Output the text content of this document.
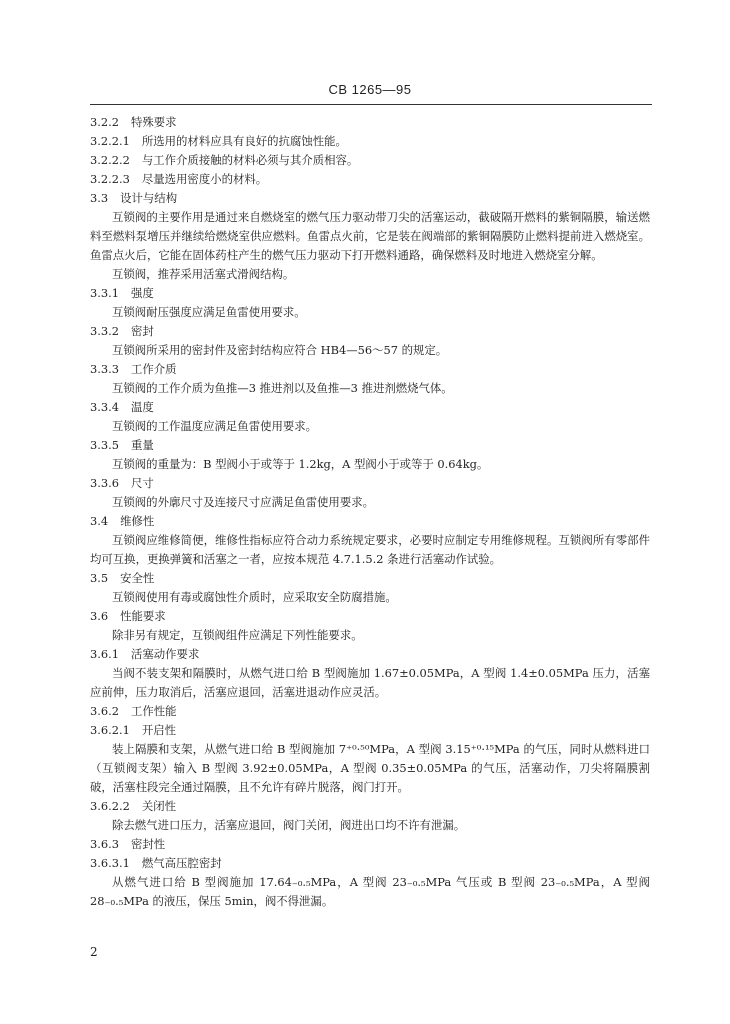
CB 1265—95
3.2.2 特殊要求
3.2.2.1 所选用的材料应具有良好的抗腐蚀性能。
3.2.2.2 与工作介质接触的材料必须与其介质相容。
3.2.2.3 尽量选用密度小的材料。
3.3 设计与结构

互锁阀的主要作用是通过来自燃烧室的燃气压力驱动带刀尖的活塞运动，截破隔开燃料的紫铜隔膜，输送燃料至燃料泵增压并继续给燃烧室供应燃料。鱼雷点火前，它是装在阀端部的紫铜隔膜防止燃料提前进入燃烧室。鱼雷点火后，它能在固体药柱产生的燃气压力驱动下打开燃料通路，确保燃料及时地进入燃烧室分解。

互锁阀，推荐采用活塞式滑阀结构。
3.3.1 强度
互锁阀耐压强度应满足鱼雷使用要求。
3.3.2 密封
互锁阀所采用的密封件及密封结构应符合 HB4—56～57 的规定。
3.3.3 工作介质
互锁阀的工作介质为鱼推—3 推进剂以及鱼推—3 推进剂燃烧气体。
3.3.4 温度
互锁阀的工作温度应满足鱼雷使用要求。
3.3.5 重量
互锁阀的重量为：B 型阀小于或等于 1.2kg，A 型阀小于或等于 0.64kg。
3.3.6 尺寸
互锁阀的外廓尺寸及连接尺寸应满足鱼雷使用要求。
3.4 维修性

互锁阀应维修简便，维修性指标应符合动力系统规定要求，必要时应制定专用维修规程。互锁阀所有零部件均可互换，更换弹簧和活塞之一者，应按本规范 4.7.1.5.2 条进行活塞动作试验。

3.5 安全性
互锁阀使用有毒或腐蚀性介质时，应采取安全防腐措施。
3.6 性能要求
除非另有规定，互锁阀组件应满足下列性能要求。
3.6.1 活塞动作要求

当阀不装支架和隔膜时，从燃气进口给 B 型阀施加 1.67±0.05MPa，A 型阀 1.4±0.05MPa 压力，活塞应前伸，压力取消后，活塞应退回，活塞进退动作应灵活。

3.6.2 工作性能
3.6.2.1 开启性

装上隔膜和支架，从燃气进口给 B 型阀施加 7⁺⁰·⁵⁰MPa，A 型阀 3.15⁺⁰·¹⁵MPa 的气压，同时从燃料进口（互锁阀支架）输入 B 型阀 3.92±0.05MPa，A 型阀 0.35±0.05MPa 的气压，活塞动作，刀尖将隔膜割破，活塞柱段完全通过隔膜，且不允许有碎片脱落，阀门打开。

3.6.2.2 关闭性
除去燃气进口压力，活塞应退回，阀门关闭，阀进出口均不许有泄漏。
3.6.3 密封性
3.6.3.1 燃气高压腔密封

从燃气进口给 B 型阀施加 17.64₋₀.₅MPa，A 型阀 23₋₀.₅MPa 气压或 B 型阀 23₋₀.₅MPa，A 型阀 28₋₀.₅MPa 的液压，保压 5min，阀不得泄漏。

2
